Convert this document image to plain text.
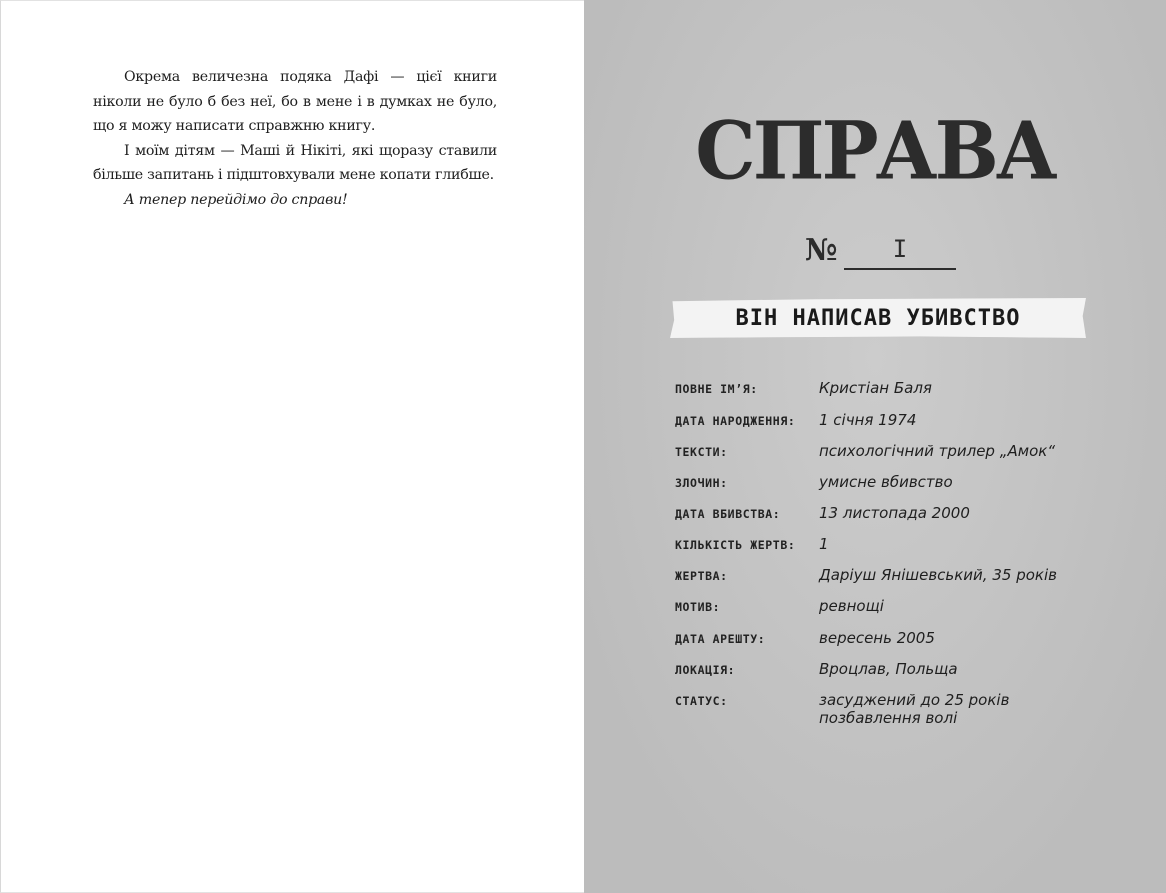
Окрема величезна подяка Дафі — цієї книги ніколи не було б без неї, бо в мене і в думках не було, що я можу написати справжню книгу.

І моїм дітям — Маші й Нікіті, які щоразу ставили більше запитань і підштовхували мене копати глибше.

А тепер перейдімо до справи!

СПРАВА
№	I
ВІН НАПИСАВ УБИВСТВО
ПОВНЕ ІМ’Я:	Кристіан Баля
ДАТА НАРОДЖЕННЯ: 1 січня 1974
ТЕКСТИ:	психологічний трилер „Амок“
ЗЛОЧИН:	умисне вбивство
ДАТА ВБИВСТВА:	13 листопада 2000
КІЛЬКІСТЬ ЖЕРТВ: 1
ЖЕРТВА:	Даріуш Янішевський, 35 років
МОТИВ:	ревнощі
ДАТА АРЕШТУ:	вересень 2005
ЛОКАЦІЯ:	Вроцлав, Польща
СТАТУС:	засуджений до 25 років позбавлення волі
